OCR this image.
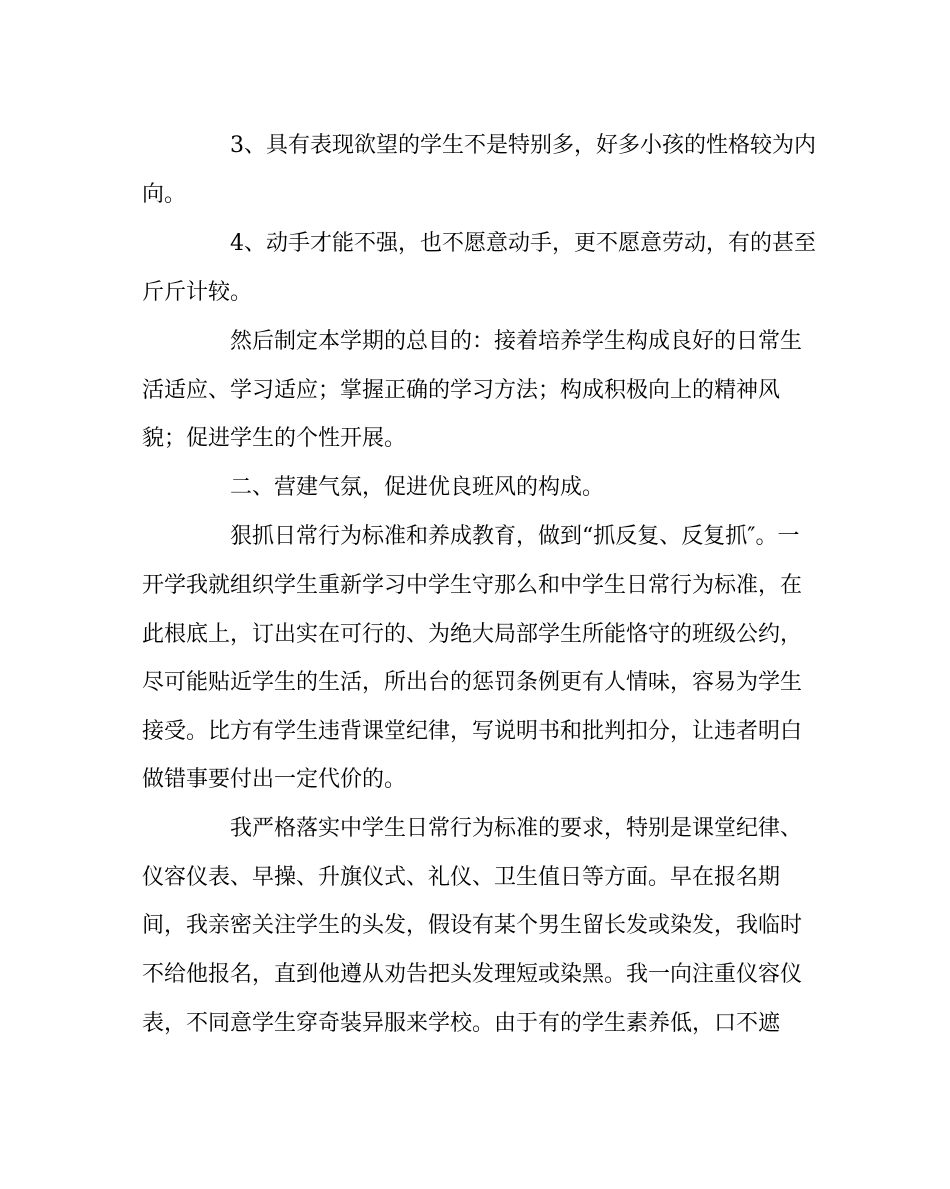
3、具有表现欲望的学生不是特别多，好多小孩的性格较为内
向。
4、动手才能不强，也不愿意动手，更不愿意劳动，有的甚至
斤斤计较。
然后制定本学期的总目的：接着培养学生构成良好的日常生
活适应、学习适应；掌握正确的学习方法；构成积极向上的精神风
貌；促进学生的个性开展。
二、营建气氛，促进优良班风的构成。
狠抓日常行为标准和养成教育，做到“抓反复、反复抓″。一
开学我就组织学生重新学习中学生守那么和中学生日常行为标准，在
此根底上，订出实在可行的、为绝大局部学生所能恪守的班级公约，
尽可能贴近学生的生活，所出台的惩罚条例更有人情味，容易为学生
接受。比方有学生违背课堂纪律，写说明书和批判扣分，让违者明白
做错事要付出一定代价的。
我严格落实中学生日常行为标准的要求，特别是课堂纪律、
仪容仪表、早操、升旗仪式、礼仪、卫生值日等方面。早在报名期
间，我亲密关注学生的头发，假设有某个男生留长发或染发，我临时
不给他报名，直到他遵从劝告把头发理短或染黑。我一向注重仪容仪
表，不同意学生穿奇装异服来学校。由于有的学生素养低，口不遮
